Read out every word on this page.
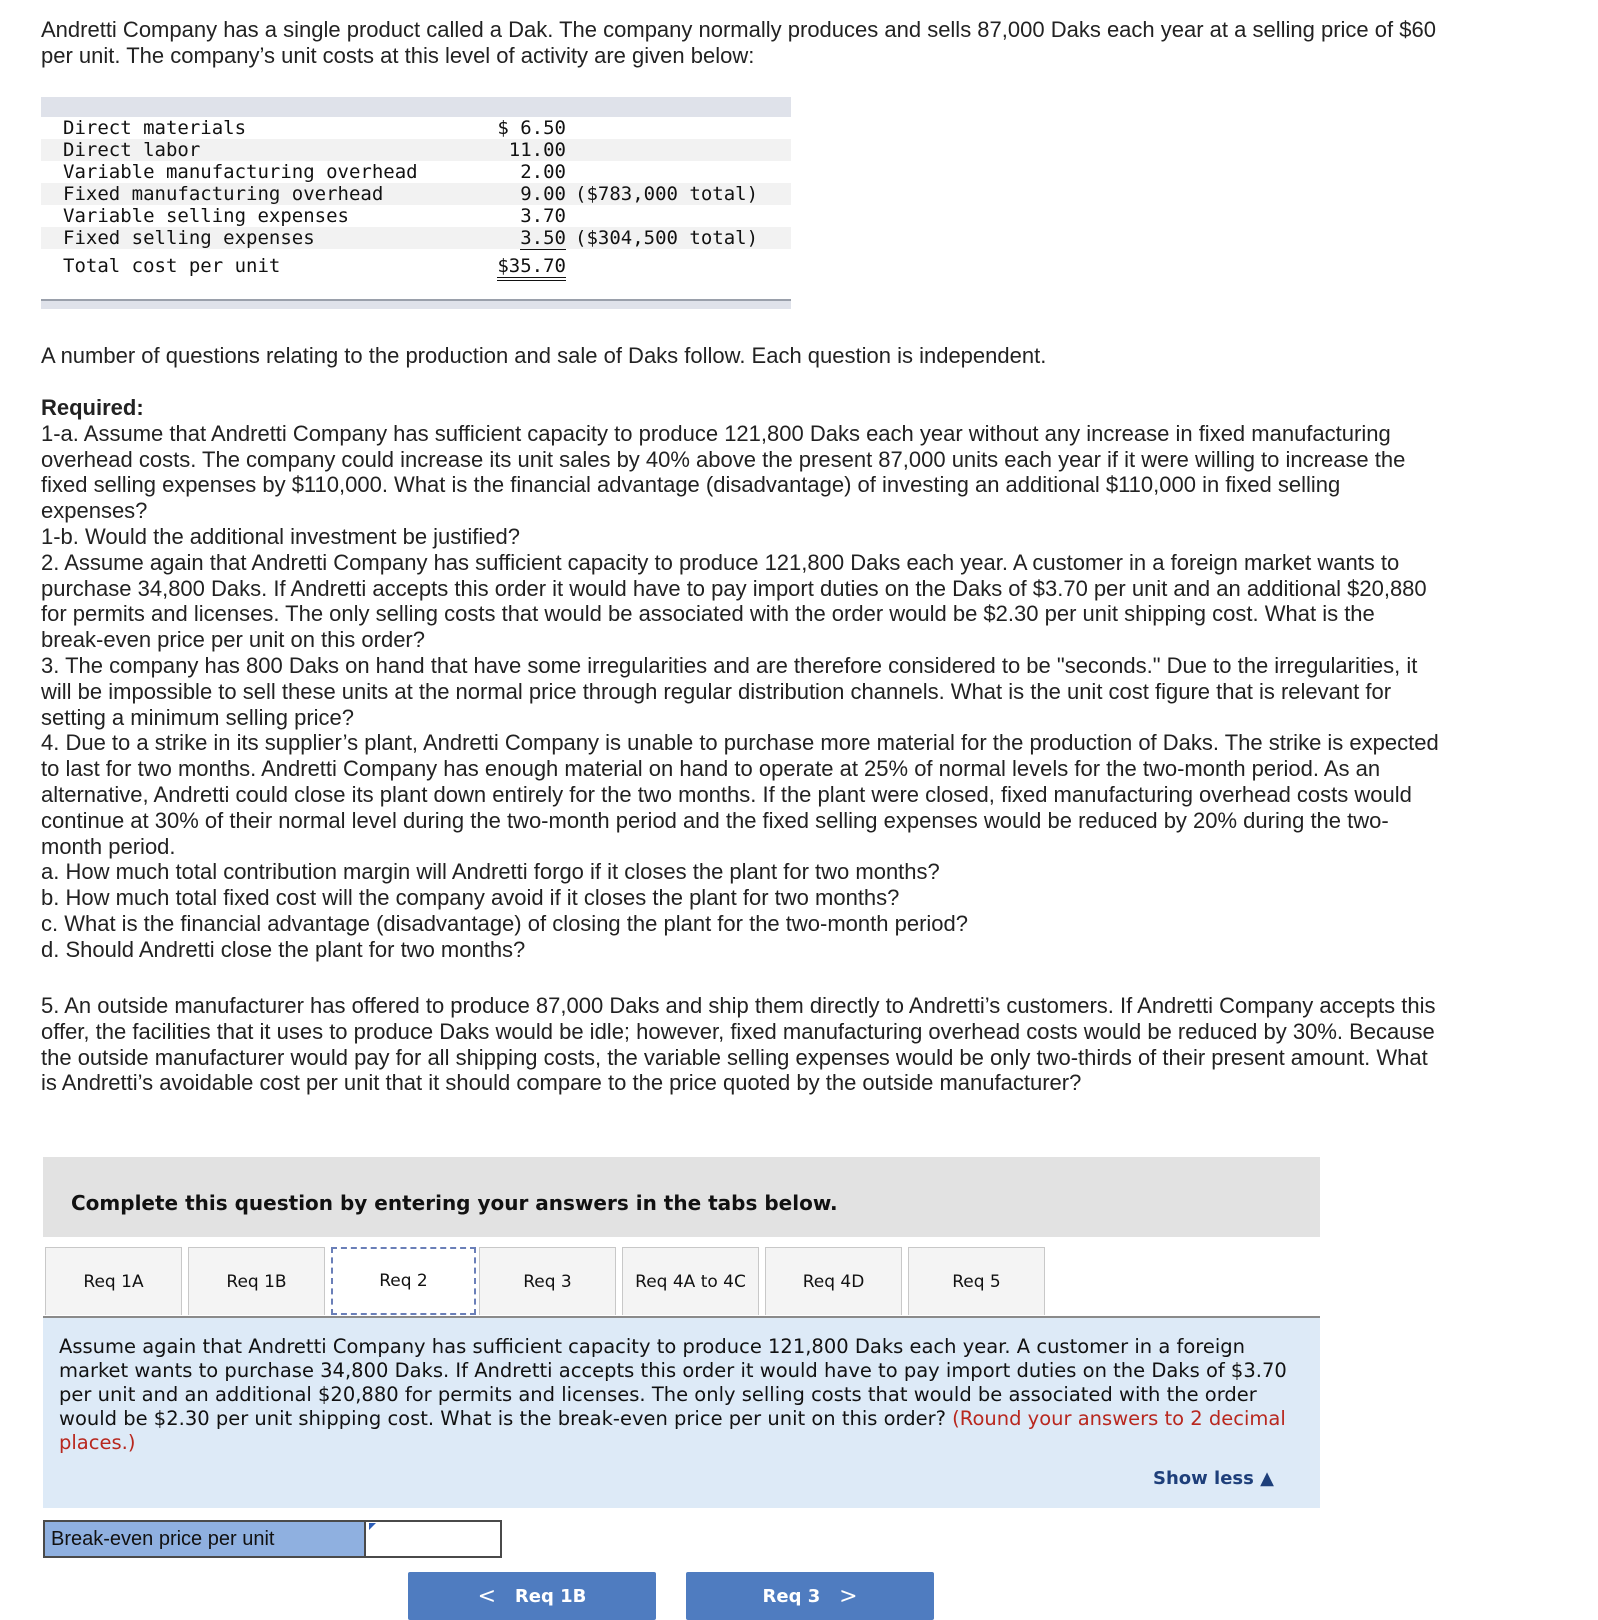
Andretti Company has a single product called a Dak. The company normally produces and sells 87,000 Daks each year at a selling price of $60 per unit. The company’s unit costs at this level of activity are given below:
Direct materials	$ 6.50
Direct labor	11.00
Variable manufacturing overhead	2.00
Fixed manufacturing overhead	9.00 ($783,000 total)
Variable selling expenses	3.70
Fixed selling expenses	3.50 ($304,500 total)
Total cost per unit	$35.70
A number of questions relating to the production and sale of Daks follow. Each question is independent.

Required:

1-a. Assume that Andretti Company has sufficient capacity to produce 121,800 Daks each year without any increase in fixed manufacturing overhead costs. The company could increase its unit sales by 40% above the present 87,000 units each year if it were willing to increase the fixed selling expenses by $110,000. What is the financial advantage (disadvantage) of investing an additional $110,000 in fixed selling expenses?

1-b. Would the additional investment be justified?

2. Assume again that Andretti Company has sufficient capacity to produce 121,800 Daks each year. A customer in a foreign market wants to purchase 34,800 Daks. If Andretti accepts this order it would have to pay import duties on the Daks of $3.70 per unit and an additional $20,880 for permits and licenses. The only selling costs that would be associated with the order would be $2.30 per unit shipping cost. What is the break-even price per unit on this order?

3. The company has 800 Daks on hand that have some irregularities and are therefore considered to be "seconds." Due to the irregularities, it will be impossible to sell these units at the normal price through regular distribution channels. What is the unit cost figure that is relevant for setting a minimum selling price?

4. Due to a strike in its supplier’s plant, Andretti Company is unable to purchase more material for the production of Daks. The strike is expected to last for two months. Andretti Company has enough material on hand to operate at 25% of normal levels for the two-month period. As an alternative, Andretti could close its plant down entirely for the two months. If the plant were closed, fixed manufacturing overhead costs would continue at 30% of their normal level during the two-month period and the fixed selling expenses would be reduced by 20% during the two-month period.

a. How much total contribution margin will Andretti forgo if it closes the plant for two months?

b. How much total fixed cost will the company avoid if it closes the plant for two months?

c. What is the financial advantage (disadvantage) of closing the plant for the two-month period?

d. Should Andretti close the plant for two months?

5. An outside manufacturer has offered to produce 87,000 Daks and ship them directly to Andretti’s customers. If Andretti Company accepts this offer, the facilities that it uses to produce Daks would be idle; however, fixed manufacturing overhead costs would be reduced by 30%. Because the outside manufacturer would pay for all shipping costs, the variable selling expenses would be only two-thirds of their present amount. What is Andretti’s avoidable cost per unit that it should compare to the price quoted by the outside manufacturer?
Complete this question by entering your answers in the tabs below.
Req 1A	Req 1B	Req 2	Req 3	Req 4A to 4C	Req 4D	Req 5
Assume again that Andretti Company has sufficient capacity to produce 121,800 Daks each year. A customer in a foreign market wants to purchase 34,800 Daks. If Andretti accepts this order it would have to pay import duties on the Daks of $3.70 per unit and an additional $20,880 for permits and licenses. The only selling costs that would be associated with the order would be $2.30 per unit shipping cost. What is the break-even price per unit on this order? (Round your answers to 2 decimal places.)
Show less ▲
Break-even price per unit
<
Req 1B	Req 3
>
